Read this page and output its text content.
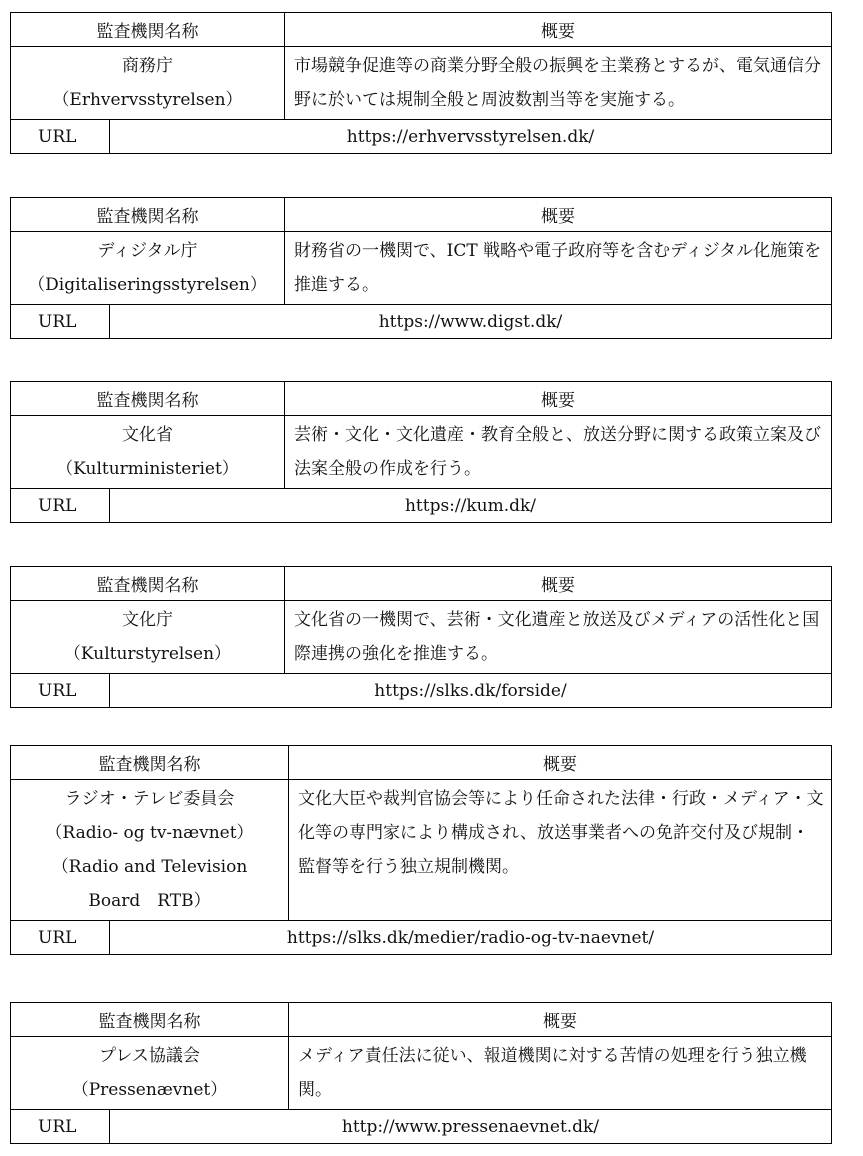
監査機関名称		概要

商務庁
（Erhvervsstyrelsen）		市場競争促進等の商業分野全般の振興を主業務とするが、電気通信分野に於いては規制全般と周波数割当等を実施する。
URL	https://erhvervsstyrelsen.dk/	
監査機関名称		概要

ディジタル庁
（Digitaliseringsstyrelsen）		財務省の一機関で、ICT 戦略や電子政府等を含むディジタル化施策を推進する。
URL	https://www.digst.dk/	
監査機関名称		概要

文化省
（Kulturministeriet）		芸術・文化・文化遺産・教育全般と、放送分野に関する政策立案及び法案全般の作成を行う。
URL	https://kum.dk/	
監査機関名称		概要

文化庁
（Kulturstyrelsen）		文化省の一機関で、芸術・文化遺産と放送及びメディアの活性化と国際連携の強化を推進する。
URL	https://slks.dk/forside/	
監査機関名称		概要

ラジオ・テレビ委員会
（Radio- og tv-nævnet）
（Radio and Television
Board　RTB）		文化大臣や裁判官協会等により任命された法律・行政・メディア・文化等の専門家により構成され、放送事業者への免許交付及び規制・監督等を行う独立規制機関。
URL	https://slks.dk/medier/radio-og-tv-naevnet/	
監査機関名称		概要

プレス協議会
（Pressenævnet）		メディア責任法に従い、報道機関に対する苦情の処理を行う独立機関。
URL	http://www.pressenaevnet.dk/	
